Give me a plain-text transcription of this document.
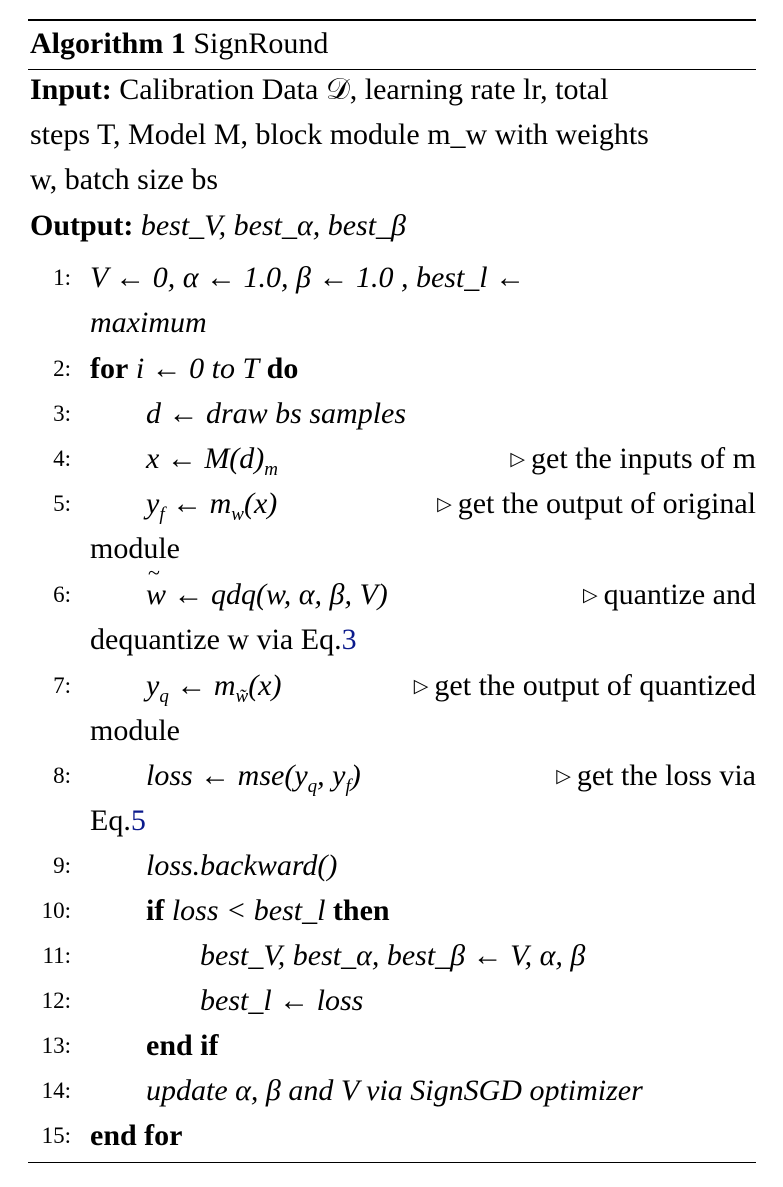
Algorithm 1 SignRound
Input: Calibration Data 𝒟, learning rate lr, total
steps T, Model M, block module m_w with weights
w, batch size bs
Output: best_V, best_α, best_β
1: V ← 0, α ← 1.0, β ← 1.0 , best_l ←
maximum
2: for i ← 0 to T do
3:	d ← draw bs samples
4:	x ← $M(d)_m$	▷ get the inputs of m
5:	$y_f$ ← $m_w(x)$	▷ get the output of original
module
6:
~	w ← qdq(w, α, β, V)	▷ quantize and
dequantize w via Eq.3
7:	$y_q$ ← $m_{w̃}(x)$	▷ get the output of quantized
module
8:	loss ← $mse(y_q$, $y_f$)	▷ get the loss via
Eq.5
9:	loss.backward()
10:	if loss < best_l then
11:	best_V, best_α, best_β ← V, α, β
12:	best_l ← loss
13:	end if
14:	update α, β and V via SignSGD optimizer
15: end for
